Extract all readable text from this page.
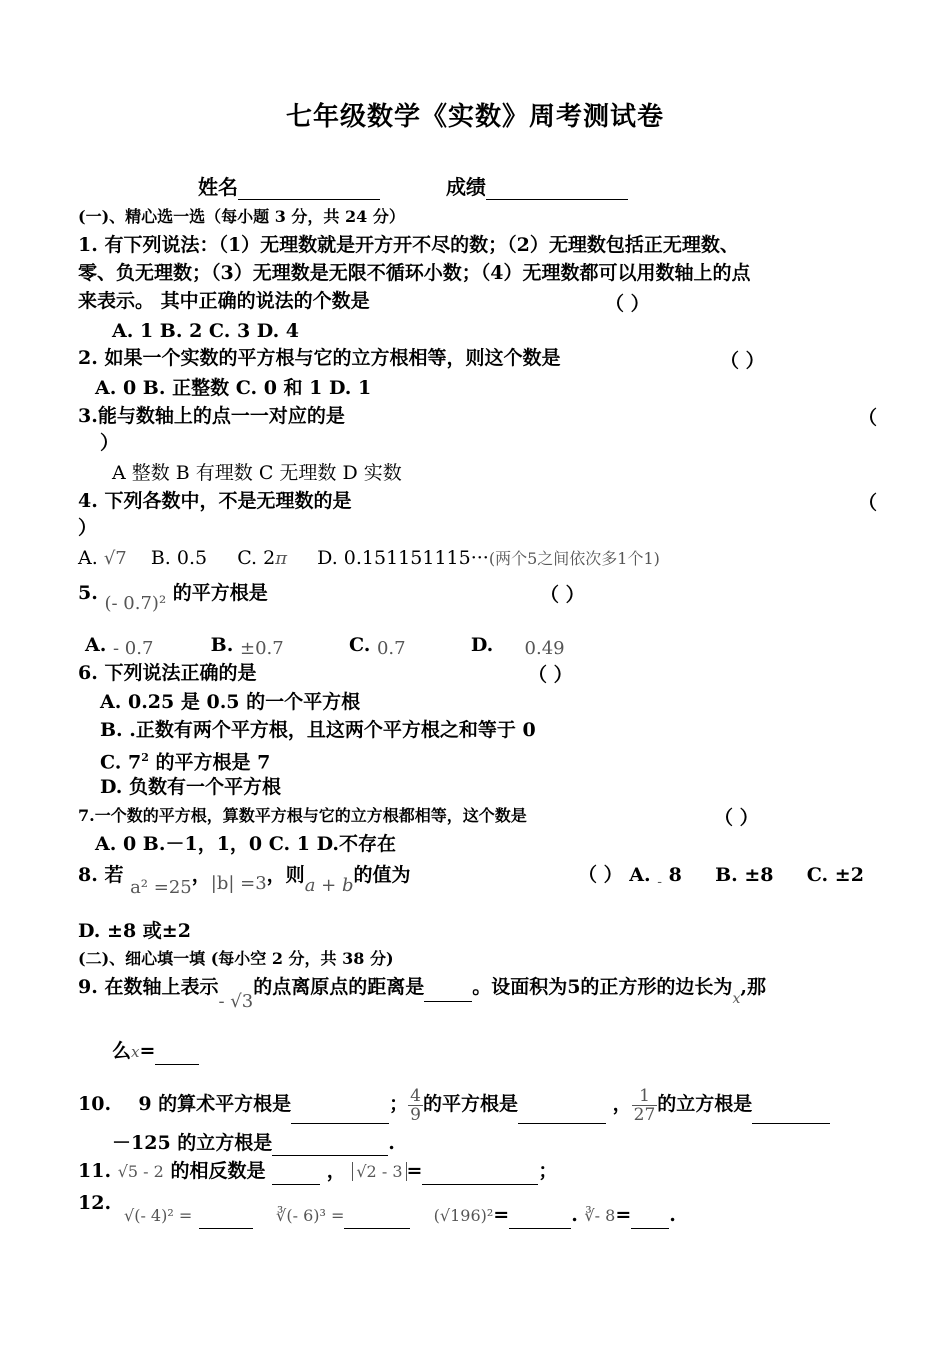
七年级数学《实数》周考测试卷
姓名	成绩
(一)、精心选一选（每小题 3 分，共 24 分）
1. 有下列说法：（1）无理数就是开方开不尽的数；（2）无理数包括正无理数、
零、负无理数；（3）无理数是无限不循环小数；（4）无理数都可以用数轴上的点
来表示。 其中正确的说法的个数是	（ ）
A. 1 B. 2 C. 3 D. 4
2. 如果一个实数的平方根与它的立方根相等，则这个数是	（ ）
A. 0 B. 正整数 C. 0 和 1 D. 1
3.能与数轴上的点一一对应的是	（
）
A 整数 B 有理数 C 无理数 D 实数
4. 下列各数中，不是无理数的是	（
）
A. √7 B. 0.5 C. 2π D. 0.151151115···(两个5之间依次多1个1)
5. (- 0.7)² 的平方根是	（ ）
A. - 0.7	B. ±0.7	C. 0.7	D. 0.49
6. 下列说法正确的是	（ ）
A. 0.25 是 0.5 的一个平方根
B. .正数有两个平方根，且这两个平方根之和等于 0
C. $7^2$ 的平方根是 7
D. 负数有一个平方根
7.一个数的平方根，算数平方根与它的立方根都相等，这个数是	（ ）
A. 0 B.－1，1，0 C. 1 D.不存在
8. 若 a² =25，|b| =3，则a + b的值为	（ ） A. $_-$ 8 B. ±8 C. ±2
D. ±8 或±2
(二)、细心填一填 (每小空 2 分，共 38 分)
9. 在数轴上表示- √3的点离原点的距离是	。设面积为5的正方形的边长为$_x$,那
么x=
10. 9 的算术平方根是	； $\frac{4}{9}$ 的平方根是	， $\frac{1}{27}$ 的立方根是
－125 的立方根是	.
11. √5 - 2 的相反数是	， √2 - 3 =	；
12.
√(- 4)² =	∛(- 6)³ =	(√196)²=	. ∛- 8= .
